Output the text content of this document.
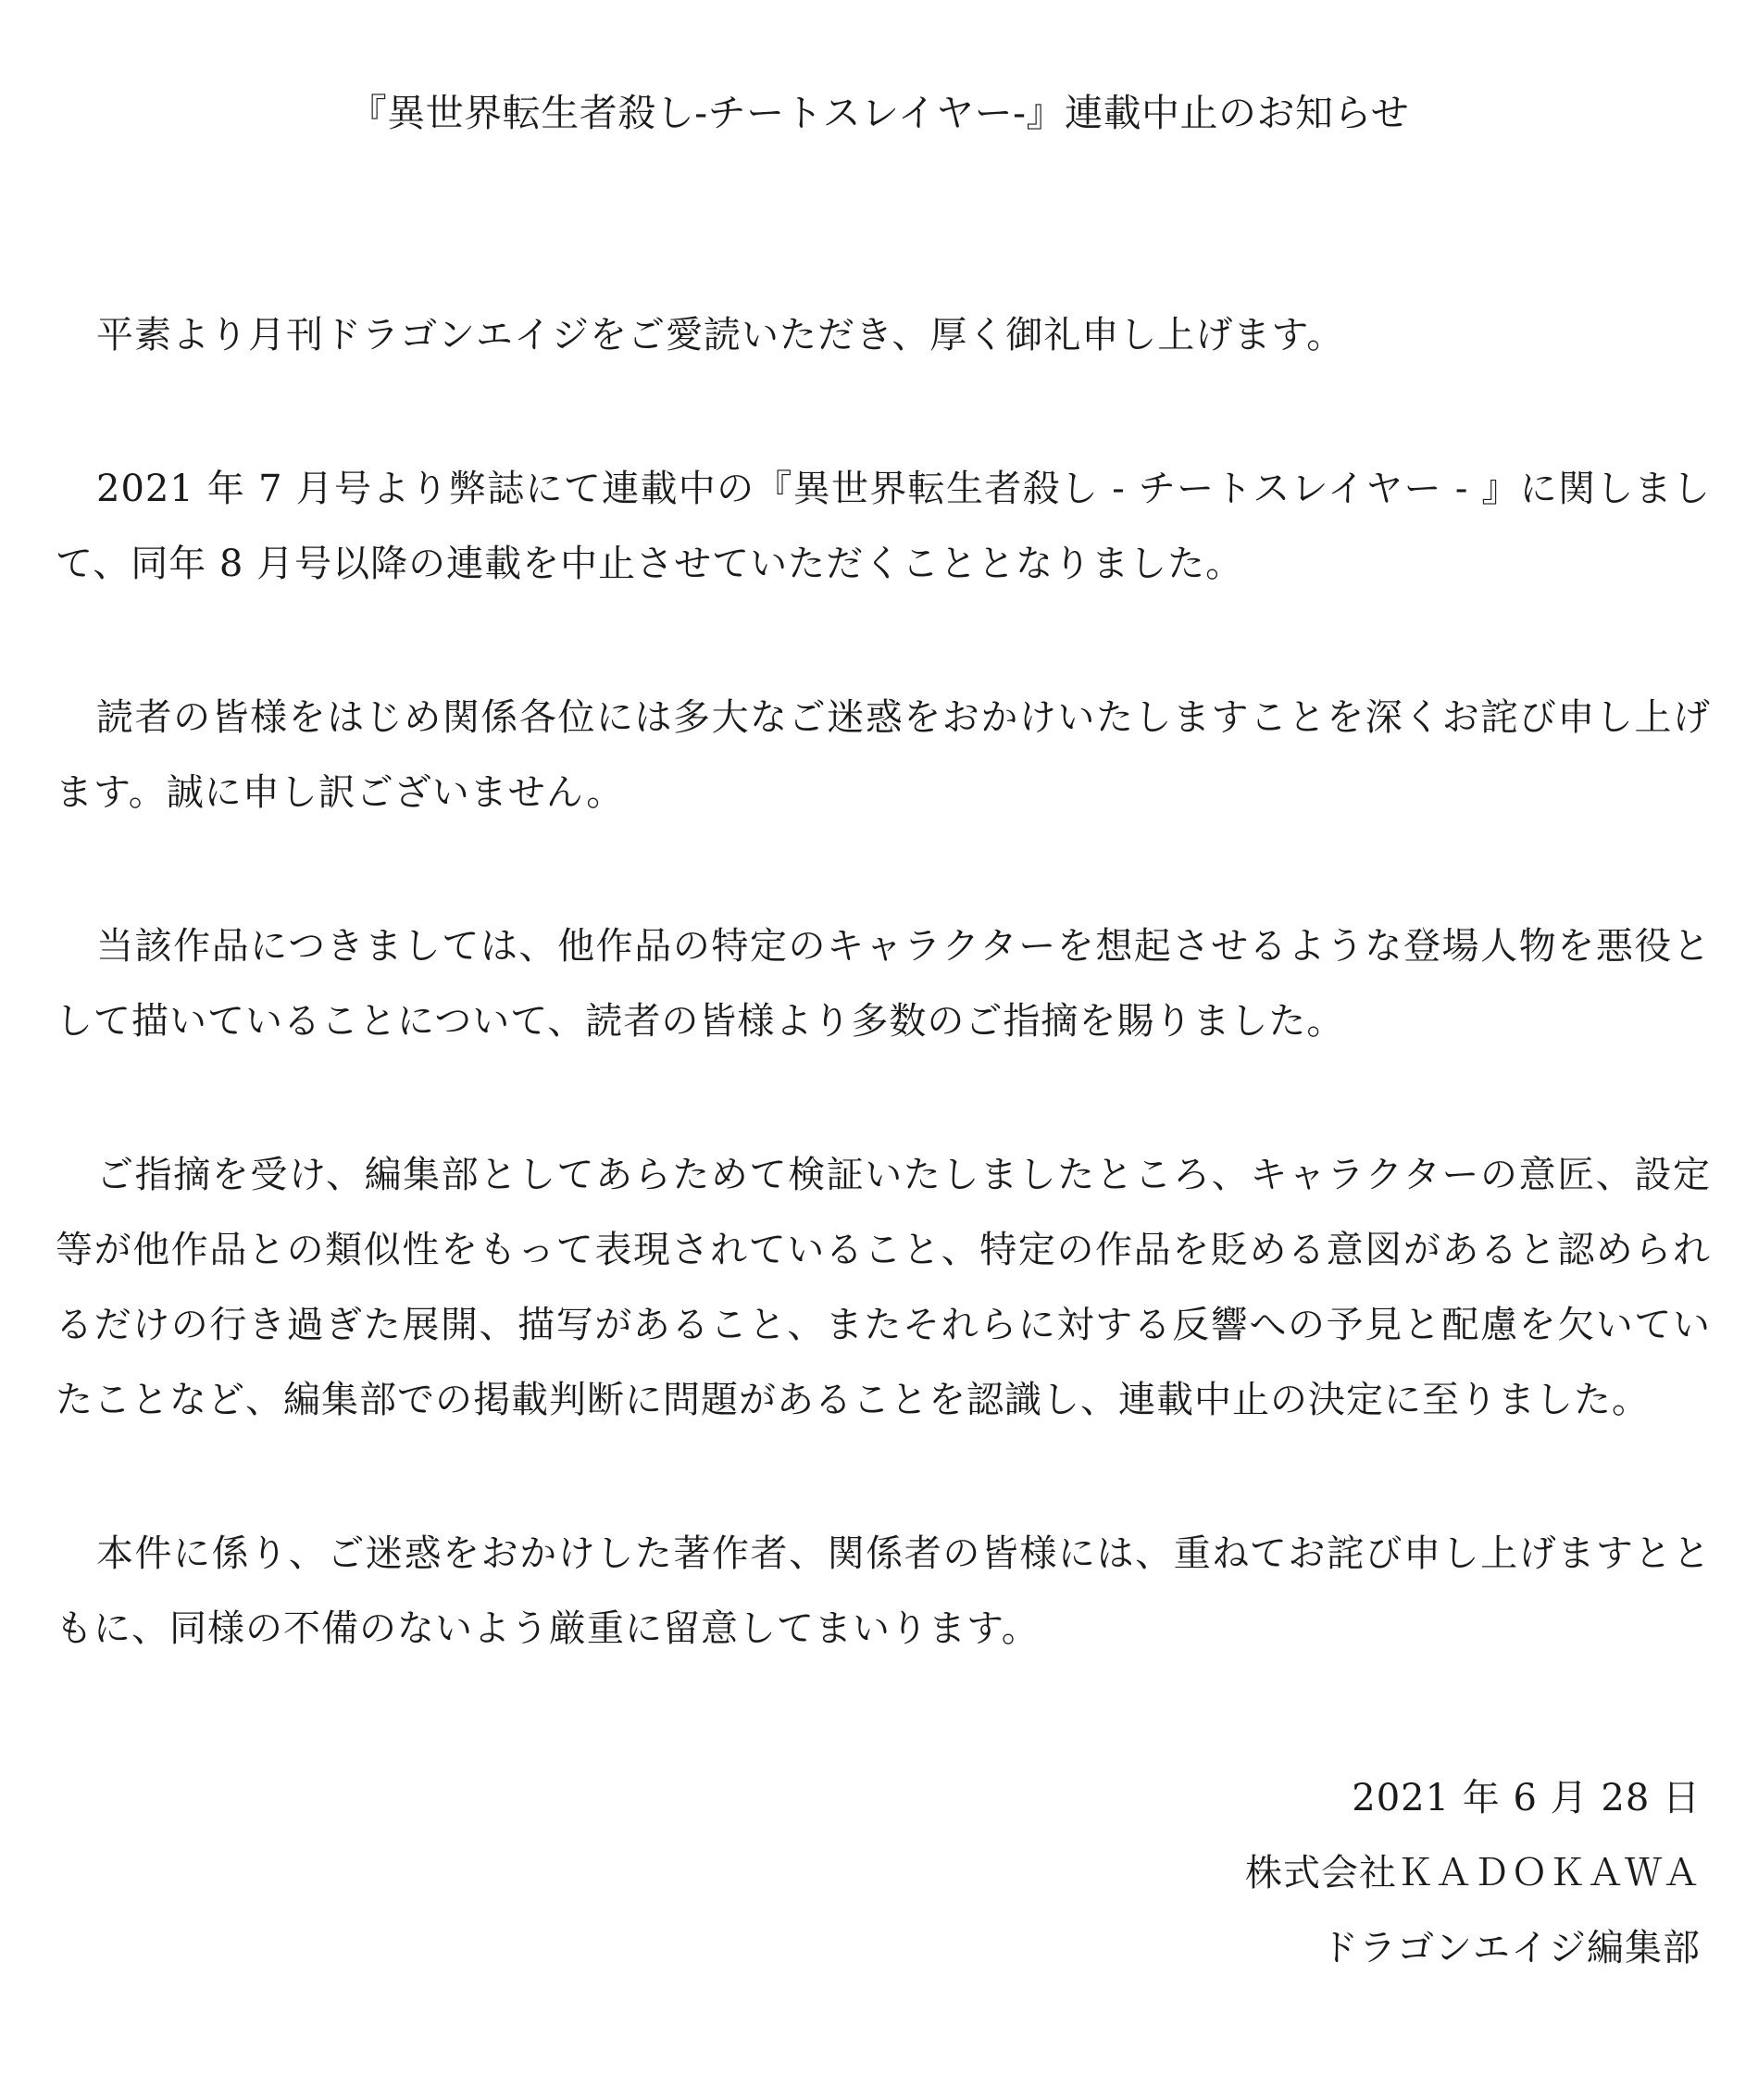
『異世界転生者殺し-チートスレイヤー-』連載中止のお知らせ

平素より月刊ドラゴンエイジをご愛読いただき、厚く御礼申し上げます。

2021 年 7 月号より弊誌にて連載中の『異世界転生者殺し - チートスレイヤー - 』に関しまして、同年 8 月号以降の連載を中止させていただくこととなりました。

読者の皆様をはじめ関係各位には多大なご迷惑をおかけいたしますことを深くお詫び申し上げます。誠に申し訳ございません。

当該作品につきましては、他作品の特定のキャラクターを想起させるような登場人物を悪役として描いていることについて、読者の皆様より多数のご指摘を賜りました。

ご指摘を受け、編集部としてあらためて検証いたしましたところ、キャラクターの意匠、設定等が他作品との類似性をもって表現されていること、特定の作品を貶める意図があると認められるだけの行き過ぎた展開、描写があること、またそれらに対する反響への予見と配慮を欠いていたことなど、編集部での掲載判断に問題があることを認識し、連載中止の決定に至りました。

本件に係り、ご迷惑をおかけした著作者、関係者の皆様には、重ねてお詫び申し上げますとともに、同様の不備のないよう厳重に留意してまいります。

2021 年 6 月 28 日

株式会社ＫＡＤＯＫＡＷＡ

ドラゴンエイジ編集部
